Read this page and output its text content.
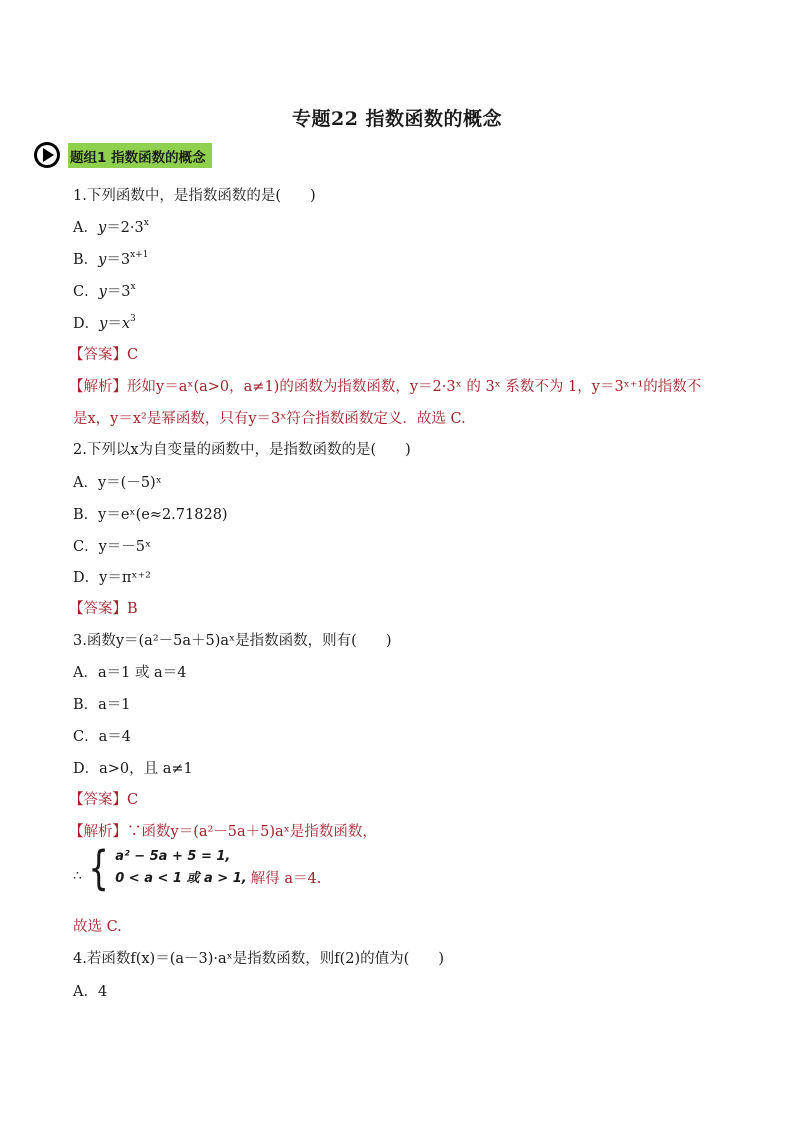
专题22 指数函数的概念
题组1 指数函数的概念
1.下列函数中，是指数函数的是(　　)
A．$y=2\cdot 3^x$
B．$y=3^{x+1}$
C．$y=3^x$
D．$y=x^3$
【答案】C
【解析】形如y＝aˣ(a>0，a≠1)的函数为指数函数，y＝2·3ˣ 的 3ˣ 系数不为 1，y＝3ˣ⁺¹的指数不
是x，y＝x²是幂函数，只有y＝3ˣ符合指数函数定义．故选 C.
2.下列以x为自变量的函数中，是指数函数的是(　　)
A．y＝(－5)ˣ
B．y＝eˣ(e≈2.71828)
C．y＝－5ˣ
D．y＝πˣ⁺²
【答案】B
3.函数y＝(a²－5a＋5)aˣ是指数函数，则有(　　)
A．a＝1 或 a＝4
B．a＝1
C．a＝4
D．a>0，且 a≠1
【答案】C
【解析】∵函数y＝(a²－5a＋5)aˣ是指数函数，
∴ { a² − 5a + 5 = 1,
0 < a < 1 或 a > 1, 解得 a＝4.
故选 C.
4.若函数f(x)＝(a－3)·aˣ是指数函数，则f(2)的值为(　　)
A．4
